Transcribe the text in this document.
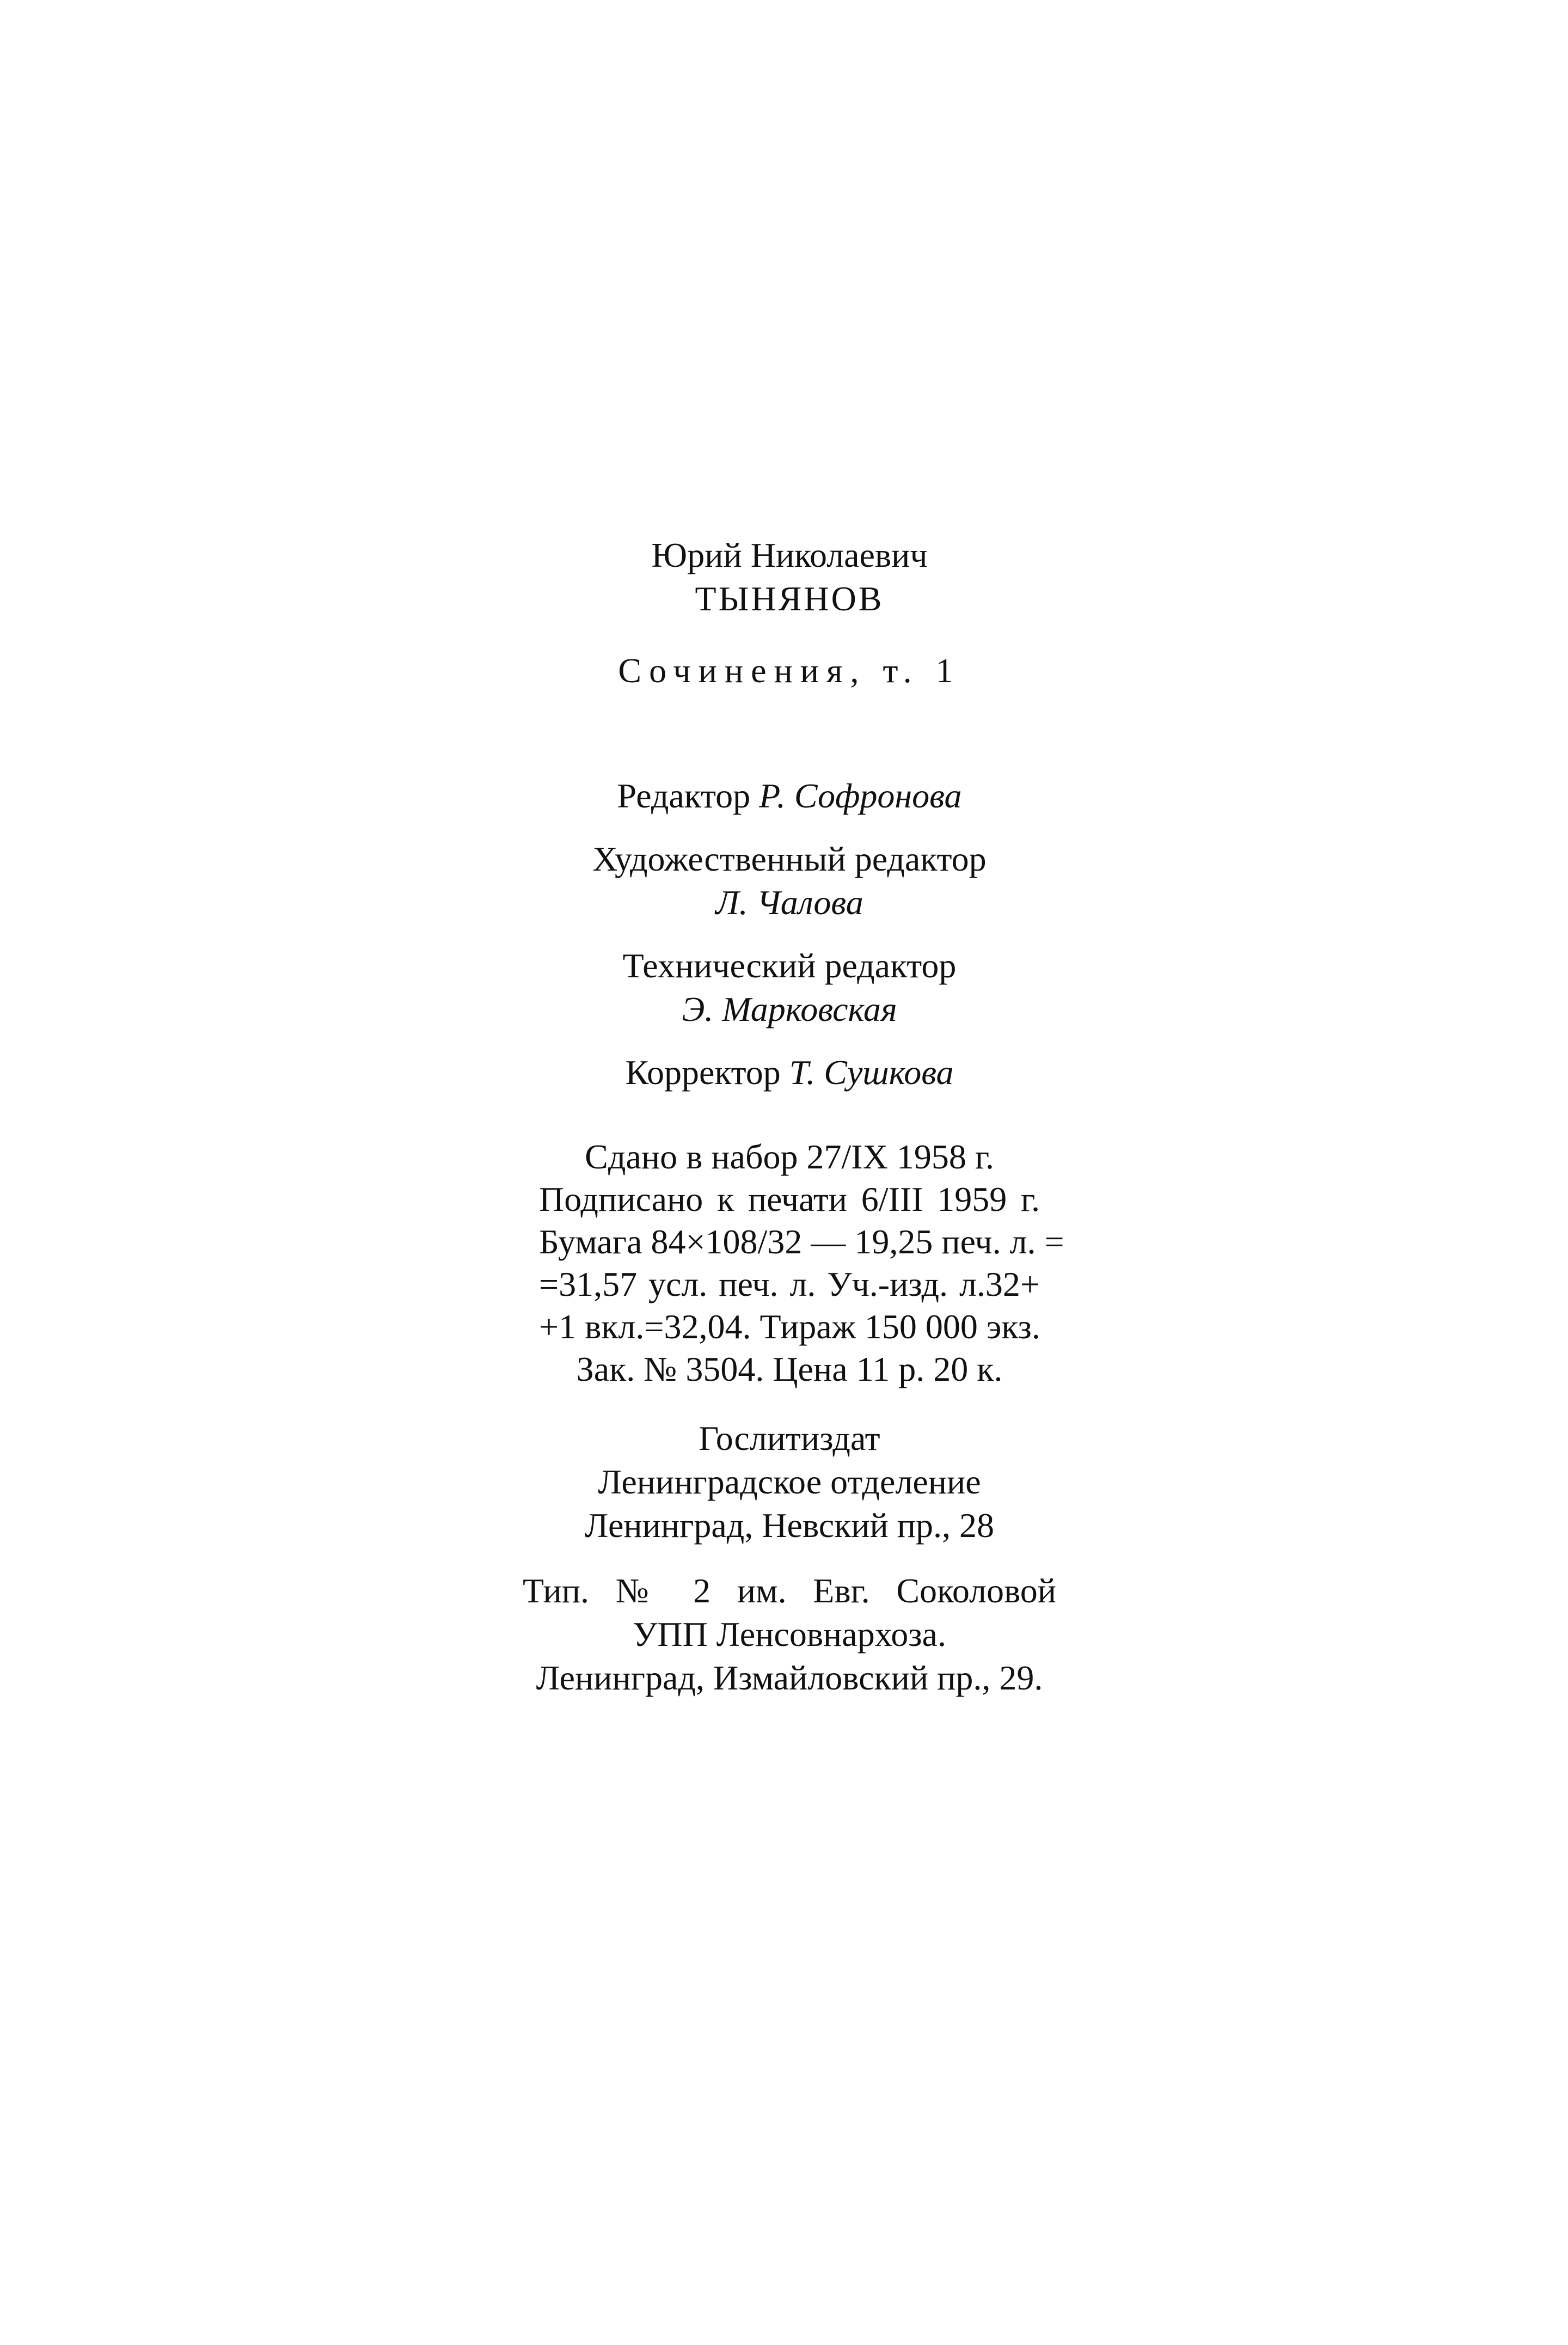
Юрий Николаевич
ТЫНЯНОВ
Сочинения, т. 1
Редактор Р. Софронова
Художественный редактор
Л. Чалова
Технический редактор
Э. Марковская
Корректор Т. Сушкова
Сдано в набор 27/IX 1958 г.
Подписано к печати 6/III 1959 г.
Бумага 84×108/32 — 19,25 печ. л. =
=31,57 усл. печ. л. Уч.-изд. л.32+
+1 вкл.=32,04. Тираж 150 000 экз.
Зак. № 3504. Цена 11 р. 20 к.
Гослитиздат
Ленинградское отделение
Ленинград, Невский пр., 28
Тип. № 2 им. Евг. Соколовой
УПП Ленсовнархоза.
Ленинград, Измайловский пр., 29.
